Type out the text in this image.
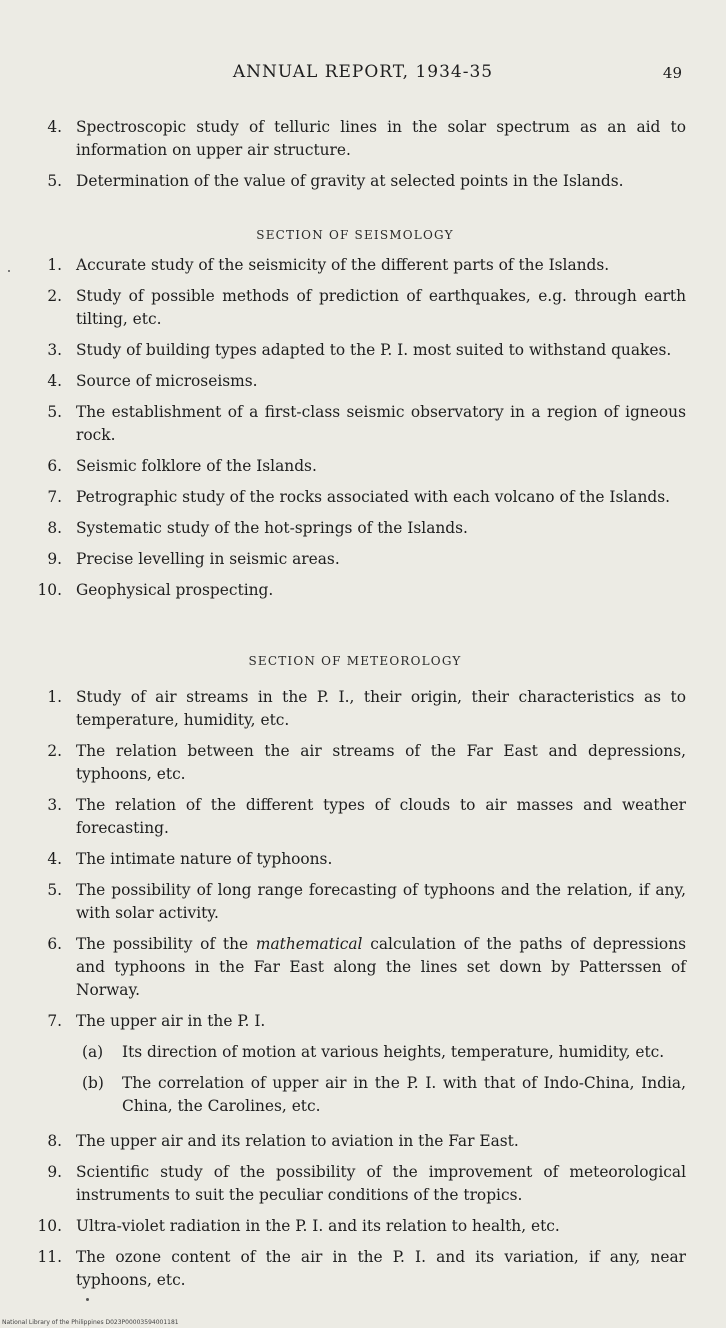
ANNUAL REPORT, 1934-35	49
4. Spectroscopic study of telluric lines in the solar spectrum as an aid to information on upper air structure.
5. Determination of the value of gravity at selected points in the Islands.
SECTION OF SEISMOLOGY
1. Accurate study of the seismicity of the different parts of the Islands.
2. Study of possible methods of prediction of earthquakes, e.g. through earth tilting, etc.
3. Study of building types adapted to the P. I. most suited to withstand quakes.
4. Source of microseisms.
5. The establishment of a first-class seismic observatory in a region of igneous rock.
6. Seismic folklore of the Islands.
7. Petrographic study of the rocks associated with each volcano of the Islands.
8. Systematic study of the hot-springs of the Islands.
9. Precise levelling in seismic areas.
10. Geophysical prospecting.
SECTION OF METEOROLOGY
1. Study of air streams in the P. I., their origin, their characteristics as to temperature, humidity, etc.
2. The relation between the air streams of the Far East and depressions, typhoons, etc.
3. The relation of the different types of clouds to air masses and weather forecasting.
4. The intimate nature of typhoons.
5. The possibility of long range forecasting of typhoons and the relation, if any, with solar activity.
6. The possibility of the mathematical calculation of the paths of depressions and typhoons in the Far East along the lines set down by Patterssen of Norway.
7. The upper air in the P. I.
(a) Its direction of motion at various heights, temperature, humidity, etc.
(b) The correlation of upper air in the P. I. with that of Indo-China, India, China, the Carolines, etc.
8. The upper air and its relation to aviation in the Far East.
9. Scientific study of the possibility of the improvement of meteorological instruments to suit the peculiar conditions of the tropics.
10. Ultra-violet radiation in the P. I. and its relation to health, etc.
11. The ozone content of the air in the P. I. and its variation, if any, near typhoons, etc.
National Library of the Philippines D023P00003594001181
